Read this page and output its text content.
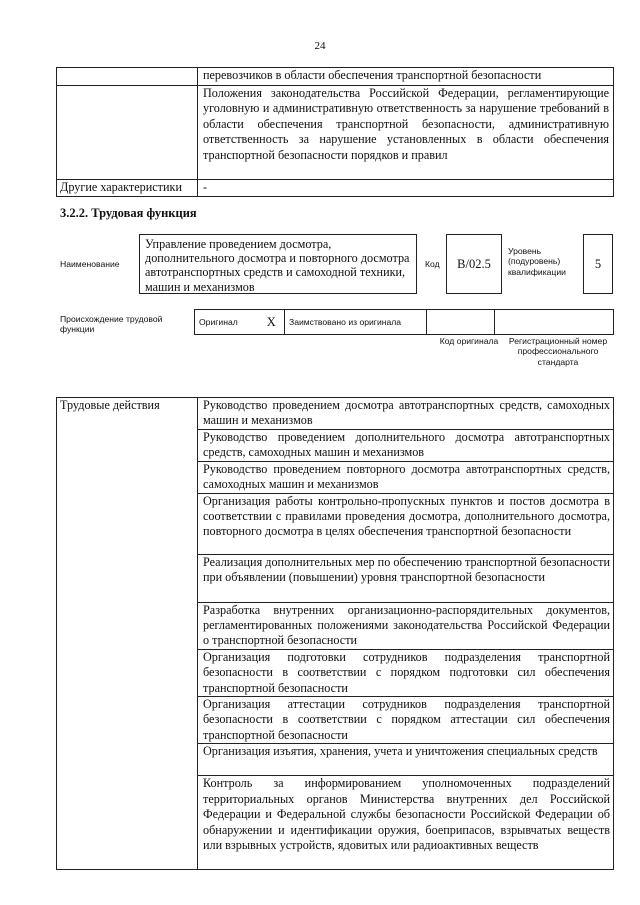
24
	перевозчиков в области обеспечения транспортной безопасности
	Положения законодательства Российской Федерации, регламентирующие уголовную и административную ответственность за нарушение требований в области обеспечения транспортной безопасности, административную ответственность за нарушение установленных в области обеспечения транспортной безопасности порядков и правил
Другие характеристики	-
3.2.2. Трудовая функция
Наименование
Управление проведением досмотра, дополнительного досмотра и повторного досмотра автотранспортных средств и самоходной техники, машин и механизмов
Код	B/02.5
Уровень (подуровень) квалификации
5
Происхождение трудовой функции
Оригинал	X	Заимствовано из оригинала		
Код оригинала	Регистрационный номер профессионального стандарта
Трудовые действия	Руководство проведением досмотра автотранспортных средств, самоходных машин и механизмов
Руководство проведением дополнительного досмотра автотранспортных средств, самоходных машин и механизмов
Руководство проведением повторного досмотра автотранспортных средств, самоходных машин и механизмов
Организация работы контрольно-пропускных пунктов и постов досмотра в соответствии с правилами проведения досмотра, дополнительного досмотра, повторного досмотра в целях обеспечения транспортной безопасности
Реализация дополнительных мер по обеспечению транспортной безопасности при объявлении (повышении) уровня транспортной безопасности
Разработка внутренних организационно-распорядительных документов, регламентированных положениями законодательства Российской Федерации о транспортной безопасности
Организация подготовки сотрудников подразделения транспортной безопасности в соответствии с порядком подготовки сил обеспечения транспортной безопасности
Организация аттестации сотрудников подразделения транспортной безопасности в соответствии с порядком аттестации сил обеспечения транспортной безопасности
Организация изъятия, хранения, учета и уничтожения специальных средств
Контроль за информированием уполномоченных подразделений территориальных органов Министерства внутренних дел Российской Федерации и Федеральной службы безопасности Российской Федерации об обнаружении и идентификации оружия, боеприпасов, взрывчатых веществ или взрывных устройств, ядовитых или радиоактивных веществ
